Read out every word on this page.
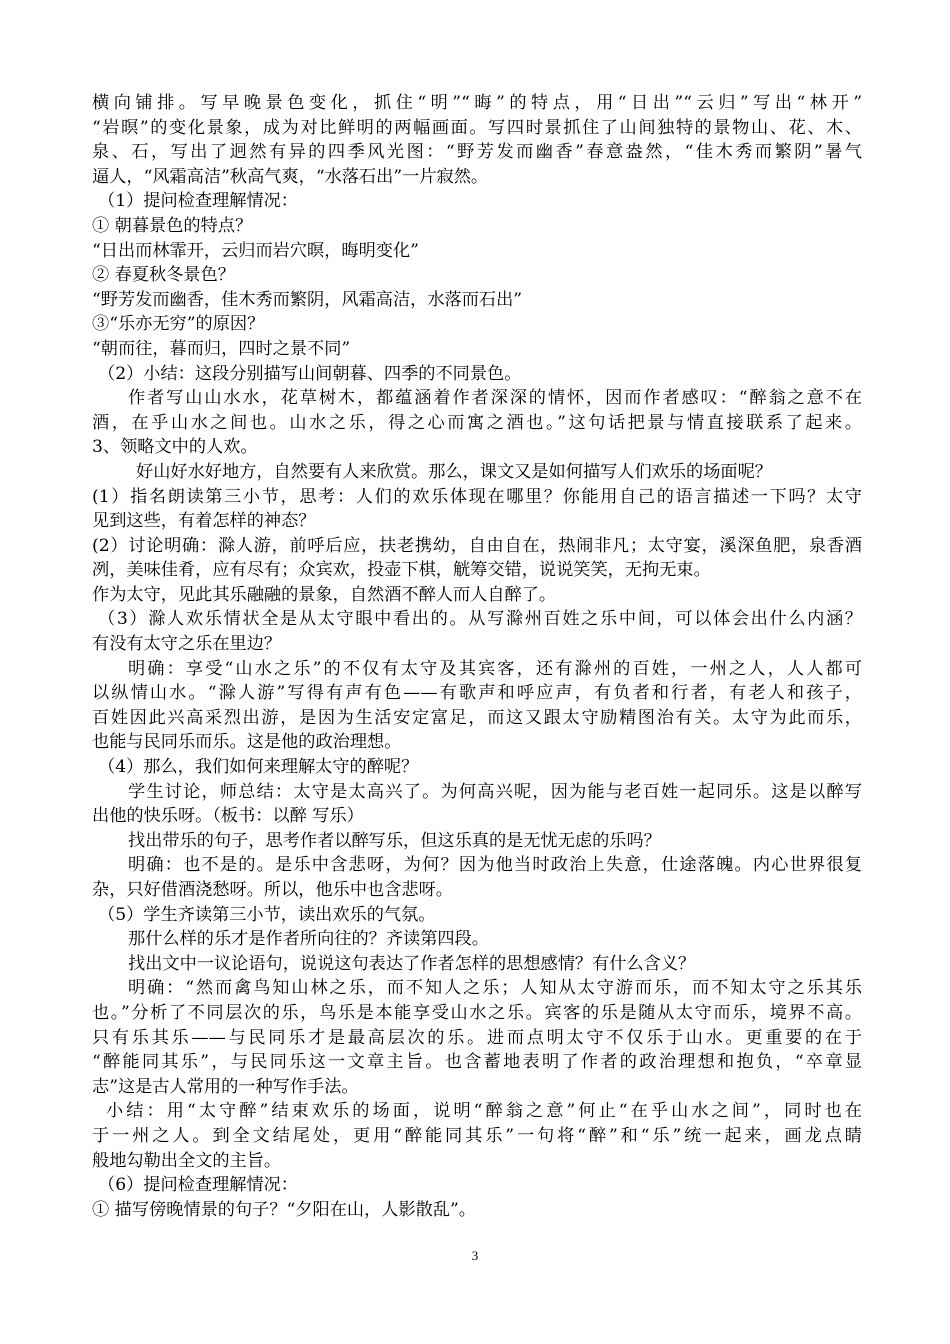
横向铺排。写早晚景色变化，抓住“明”“晦”的特点，用“日出”“云归”写出“林开”
“岩暝”的变化景象，成为对比鲜明的两幅画面。写四时景抓住了山间独特的景物山、花、木、
泉、石，写出了迥然有异的四季风光图：“野芳发而幽香”春意盎然，“佳木秀而繁阴”暑气
逼人，“风霜高洁”秋高气爽，“水落石出”一片寂然。
（1）提问检查理解情况：
① 朝暮景色的特点？
“日出而林霏开，云归而岩穴暝，晦明变化”
② 春夏秋冬景色？
“野芳发而幽香，佳木秀而繁阴，风霜高洁，水落而石出”
③“乐亦无穷”的原因？
“朝而往，暮而归，四时之景不同”
（2）小结：这段分别描写山间朝暮、四季的不同景色。
作者写山山水水，花草树木，都蕴涵着作者深深的情怀，因而作者感叹：“醉翁之意不在
酒，在乎山水之间也。山水之乐，得之心而寓之酒也。”这句话把景与情直接联系了起来。
3、领略文中的人欢。
好山好水好地方，自然要有人来欣赏。那么，课文又是如何描写人们欢乐的场面呢？
(1）指名朗读第三小节，思考：人们的欢乐体现在哪里？你能用自己的语言描述一下吗？太守
见到这些，有着怎样的神态？
(2）讨论明确：滁人游，前呼后应，扶老携幼，自由自在，热闹非凡；太守宴，溪深鱼肥，泉香酒
冽，美味佳肴，应有尽有；众宾欢，投壶下棋，觥筹交错，说说笑笑，无拘无束。
作为太守，见此其乐融融的景象，自然酒不醉人而人自醉了。
（3）滁人欢乐情状全是从太守眼中看出的。从写滁州百姓之乐中间，可以体会出什么内涵？
有没有太守之乐在里边？
明确：享受“山水之乐”的不仅有太守及其宾客，还有滁州的百姓，一州之人，人人都可
以纵情山水。“滁人游”写得有声有色——有歌声和呼应声，有负者和行者，有老人和孩子，
百姓因此兴高采烈出游，是因为生活安定富足，而这又跟太守励精图治有关。太守为此而乐，
也能与民同乐而乐。这是他的政治理想。
（4）那么，我们如何来理解太守的醉呢？
学生讨论，师总结：太守是太高兴了。为何高兴呢，因为能与老百姓一起同乐。这是以醉写
出他的快乐呀。（板书：以醉 写乐）
找出带乐的句子，思考作者以醉写乐，但这乐真的是无忧无虑的乐吗？
明确：也不是的。是乐中含悲呀，为何？因为他当时政治上失意，仕途落魄。内心世界很复
杂，只好借酒浇愁呀。所以，他乐中也含悲呀。
（5）学生齐读第三小节，读出欢乐的气氛。
那什么样的乐才是作者所向往的？齐读第四段。
找出文中一议论语句，说说这句表达了作者怎样的思想感情？有什么含义？
明确：“然而禽鸟知山林之乐，而不知人之乐；人知从太守游而乐，而不知太守之乐其乐
也。”分析了不同层次的乐，鸟乐是本能享受山水之乐。宾客的乐是随从太守而乐，境界不高。
只有乐其乐——与民同乐才是最高层次的乐。进而点明太守不仅乐于山水。更重要的在于
“醉能同其乐”，与民同乐这一文章主旨。也含蓄地表明了作者的政治理想和抱负，“卒章显
志”这是古人常用的一种写作手法。
小结：用“太守醉”结束欢乐的场面，说明“醉翁之意”何止“在乎山水之间”，同时也在
于一州之人。到全文结尾处，更用“醉能同其乐”一句将“醉”和“乐”统一起来，画龙点睛
般地勾勒出全文的主旨。
（6）提问检查理解情况：
① 描写傍晚情景的句子？“夕阳在山，人影散乱”。
3
